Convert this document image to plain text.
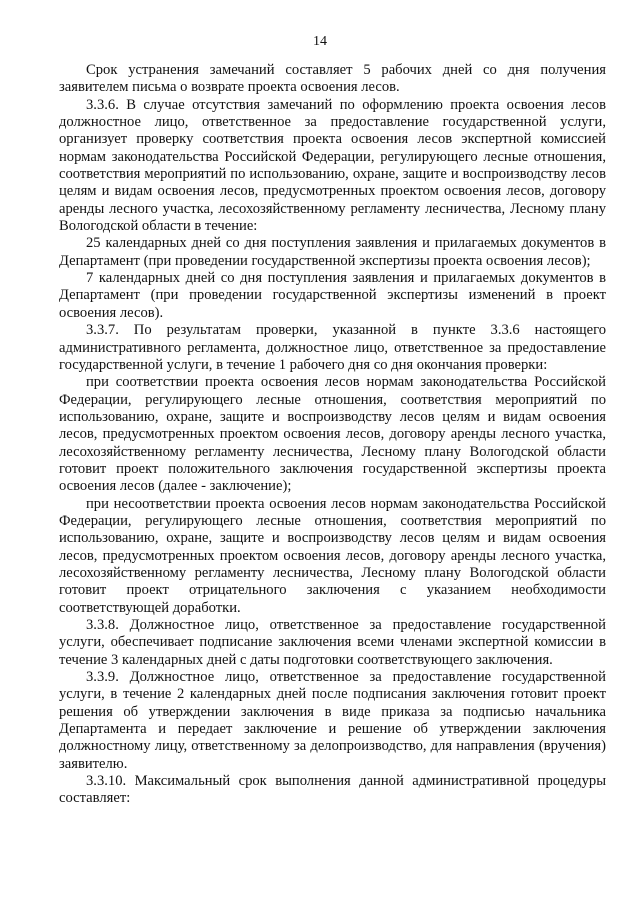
14

Срок устранения замечаний составляет 5 рабочих дней со дня получения заявителем письма о возврате проекта освоения лесов.

3.3.6. В случае отсутствия замечаний по оформлению проекта освоения лесов должностное лицо, ответственное за предоставление государственной услуги, организует проверку соответствия проекта освоения лесов экспертной комиссией нормам законодательства Российской Федерации, регулирующего лесные отношения, соответствия мероприятий по использованию, охране, защите и воспроизводству лесов целям и видам освоения лесов, предусмотренных проектом освоения лесов, договору аренды лесного участка, лесохозяйственному регламенту лесничества, Лесному плану Вологодской области в течение:

25 календарных дней со дня поступления заявления и прилагаемых документов в Департамент (при проведении государственной экспертизы проекта освоения лесов);

7 календарных дней со дня поступления заявления и прилагаемых документов в Департамент (при проведении государственной экспертизы изменений в проект освоения лесов).

3.3.7. По результатам проверки, указанной в пункте 3.3.6 настоящего административного регламента, должностное лицо, ответственное за предоставление государственной услуги, в течение 1 рабочего дня со дня окончания проверки:

при соответствии проекта освоения лесов нормам законодательства Российской Федерации, регулирующего лесные отношения, соответствия мероприятий по использованию, охране, защите и воспроизводству лесов целям и видам освоения лесов, предусмотренных проектом освоения лесов, договору аренды лесного участка, лесохозяйственному регламенту лесничества, Лесному плану Вологодской области готовит проект положительного заключения государственной экспертизы проекта освоения лесов (далее - заключение);

при несоответствии проекта освоения лесов нормам законодательства Российской Федерации, регулирующего лесные отношения, соответствия мероприятий по использованию, охране, защите и воспроизводству лесов целям и видам освоения лесов, предусмотренных проектом освоения лесов, договору аренды лесного участка, лесохозяйственному регламенту лесничества, Лесному плану Вологодской области готовит проект отрицательного заключения с указанием необходимости соответствующей доработки.

3.3.8. Должностное лицо, ответственное за предоставление государственной услуги, обеспечивает подписание заключения всеми членами экспертной комиссии в течение 3 календарных дней с даты подготовки соответствующего заключения.

3.3.9. Должностное лицо, ответственное за предоставление государственной услуги, в течение 2 календарных дней после подписания заключения готовит проект решения об утверждении заключения в виде приказа за подписью начальника Департамента и передает заключение и решение об утверждении заключения должностному лицу, ответственному за делопроизводство, для направления (вручения) заявителю.

3.3.10. Максимальный срок выполнения данной административной процедуры составляет:
